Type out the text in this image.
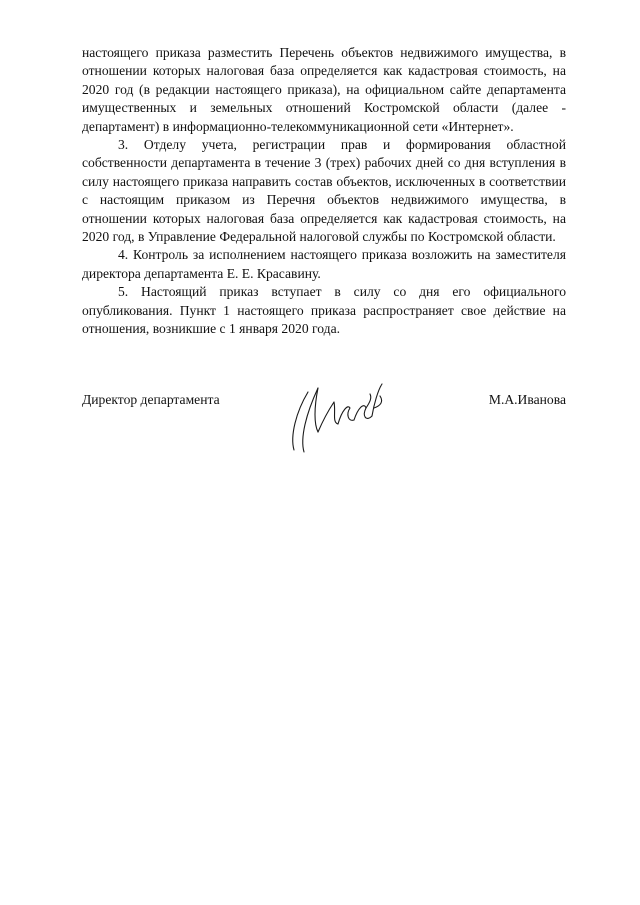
настоящего приказа разместить Перечень объектов недвижимого имущества, в отношении которых налоговая база определяется как кадастровая стоимость, на 2020 год (в редакции настоящего приказа), на официальном сайте департамента имущественных и земельных отношений Костромской области (далее - департамент) в информационно-телекоммуникационной сети «Интернет».

3. Отделу учета, регистрации прав и формирования областной собственности департамента в течение 3 (трех) рабочих дней со дня вступления в силу настоящего приказа направить состав объектов, исключенных в соответствии с настоящим приказом из Перечня объектов недвижимого имущества, в отношении которых налоговая база определяется как кадастровая стоимость, на 2020 год, в Управление Федеральной налоговой службы по Костромской области.

4. Контроль за исполнением настоящего приказа возложить на заместителя директора департамента Е. Е. Красавину.

5. Настоящий приказ вступает в силу со дня его официального опубликования. Пункт 1 настоящего приказа распространяет свое действие на отношения, возникшие с 1 января 2020 года.

Директор департамента	М.А.Иванова
